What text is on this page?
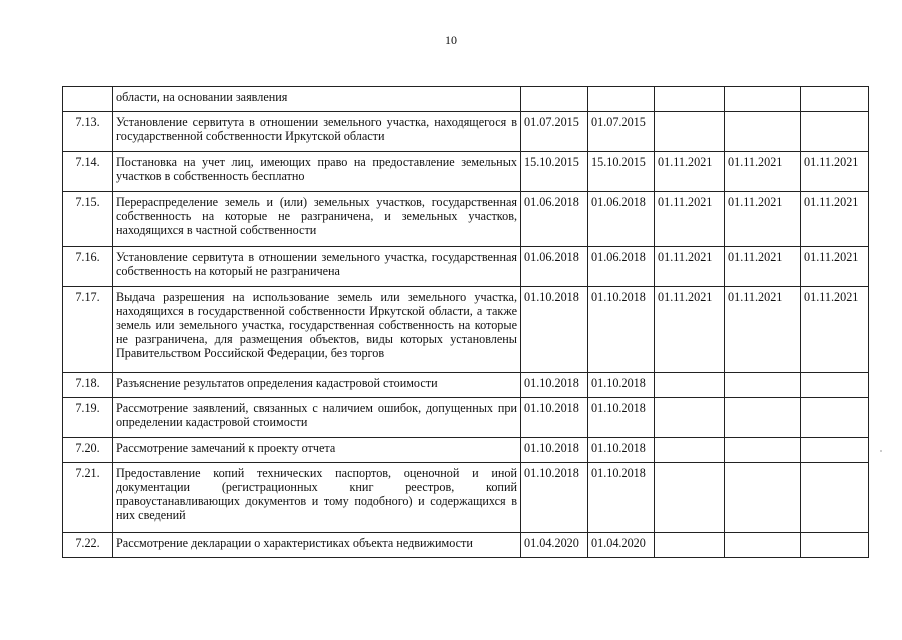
10
	области, на основании заявления					
7.13.	Установление сервитута в отношении земельного участка, находящегося в государственной собственности Иркутской области	01.07.2015	01.07.2015			
7.14.	Постановка на учет лиц, имеющих право на предоставление земельных участков в собственность бесплатно	15.10.2015	15.10.2015	01.11.2021	01.11.2021	01.11.2021
7.15.	Перераспределение земель и (или) земельных участков, государственная собственность на которые не разграничена, и земельных участков, находящихся в частной собственности	01.06.2018	01.06.2018	01.11.2021	01.11.2021	01.11.2021
7.16.	Установление сервитута в отношении земельного участка, государственная собственность на который не разграничена	01.06.2018	01.06.2018	01.11.2021	01.11.2021	01.11.2021
7.17.	Выдача разрешения на использование земель или земельного участка, находящихся в государственной собственности Иркутской области, а также земель или земельного участка, государственная собственность на которые не разграничена, для размещения объектов, виды которых установлены Правительством Российской Федерации, без торгов	01.10.2018	01.10.2018	01.11.2021	01.11.2021	01.11.2021
7.18.	Разъяснение результатов определения кадастровой стоимости	01.10.2018	01.10.2018			
7.19.	Рассмотрение заявлений, связанных с наличием ошибок, допущенных при определении кадастровой стоимости	01.10.2018	01.10.2018			
7.20.	Рассмотрение замечаний к проекту отчета	01.10.2018	01.10.2018			
7.21.	Предоставление копий технических паспортов, оценочной и иной документации (регистрационных книг реестров, копий правоустанавливающих документов и тому подобного) и содержащихся в них сведений	01.10.2018	01.10.2018			
7.22.	Рассмотрение декларации о характеристиках объекта недвижимости	01.04.2020	01.04.2020			
